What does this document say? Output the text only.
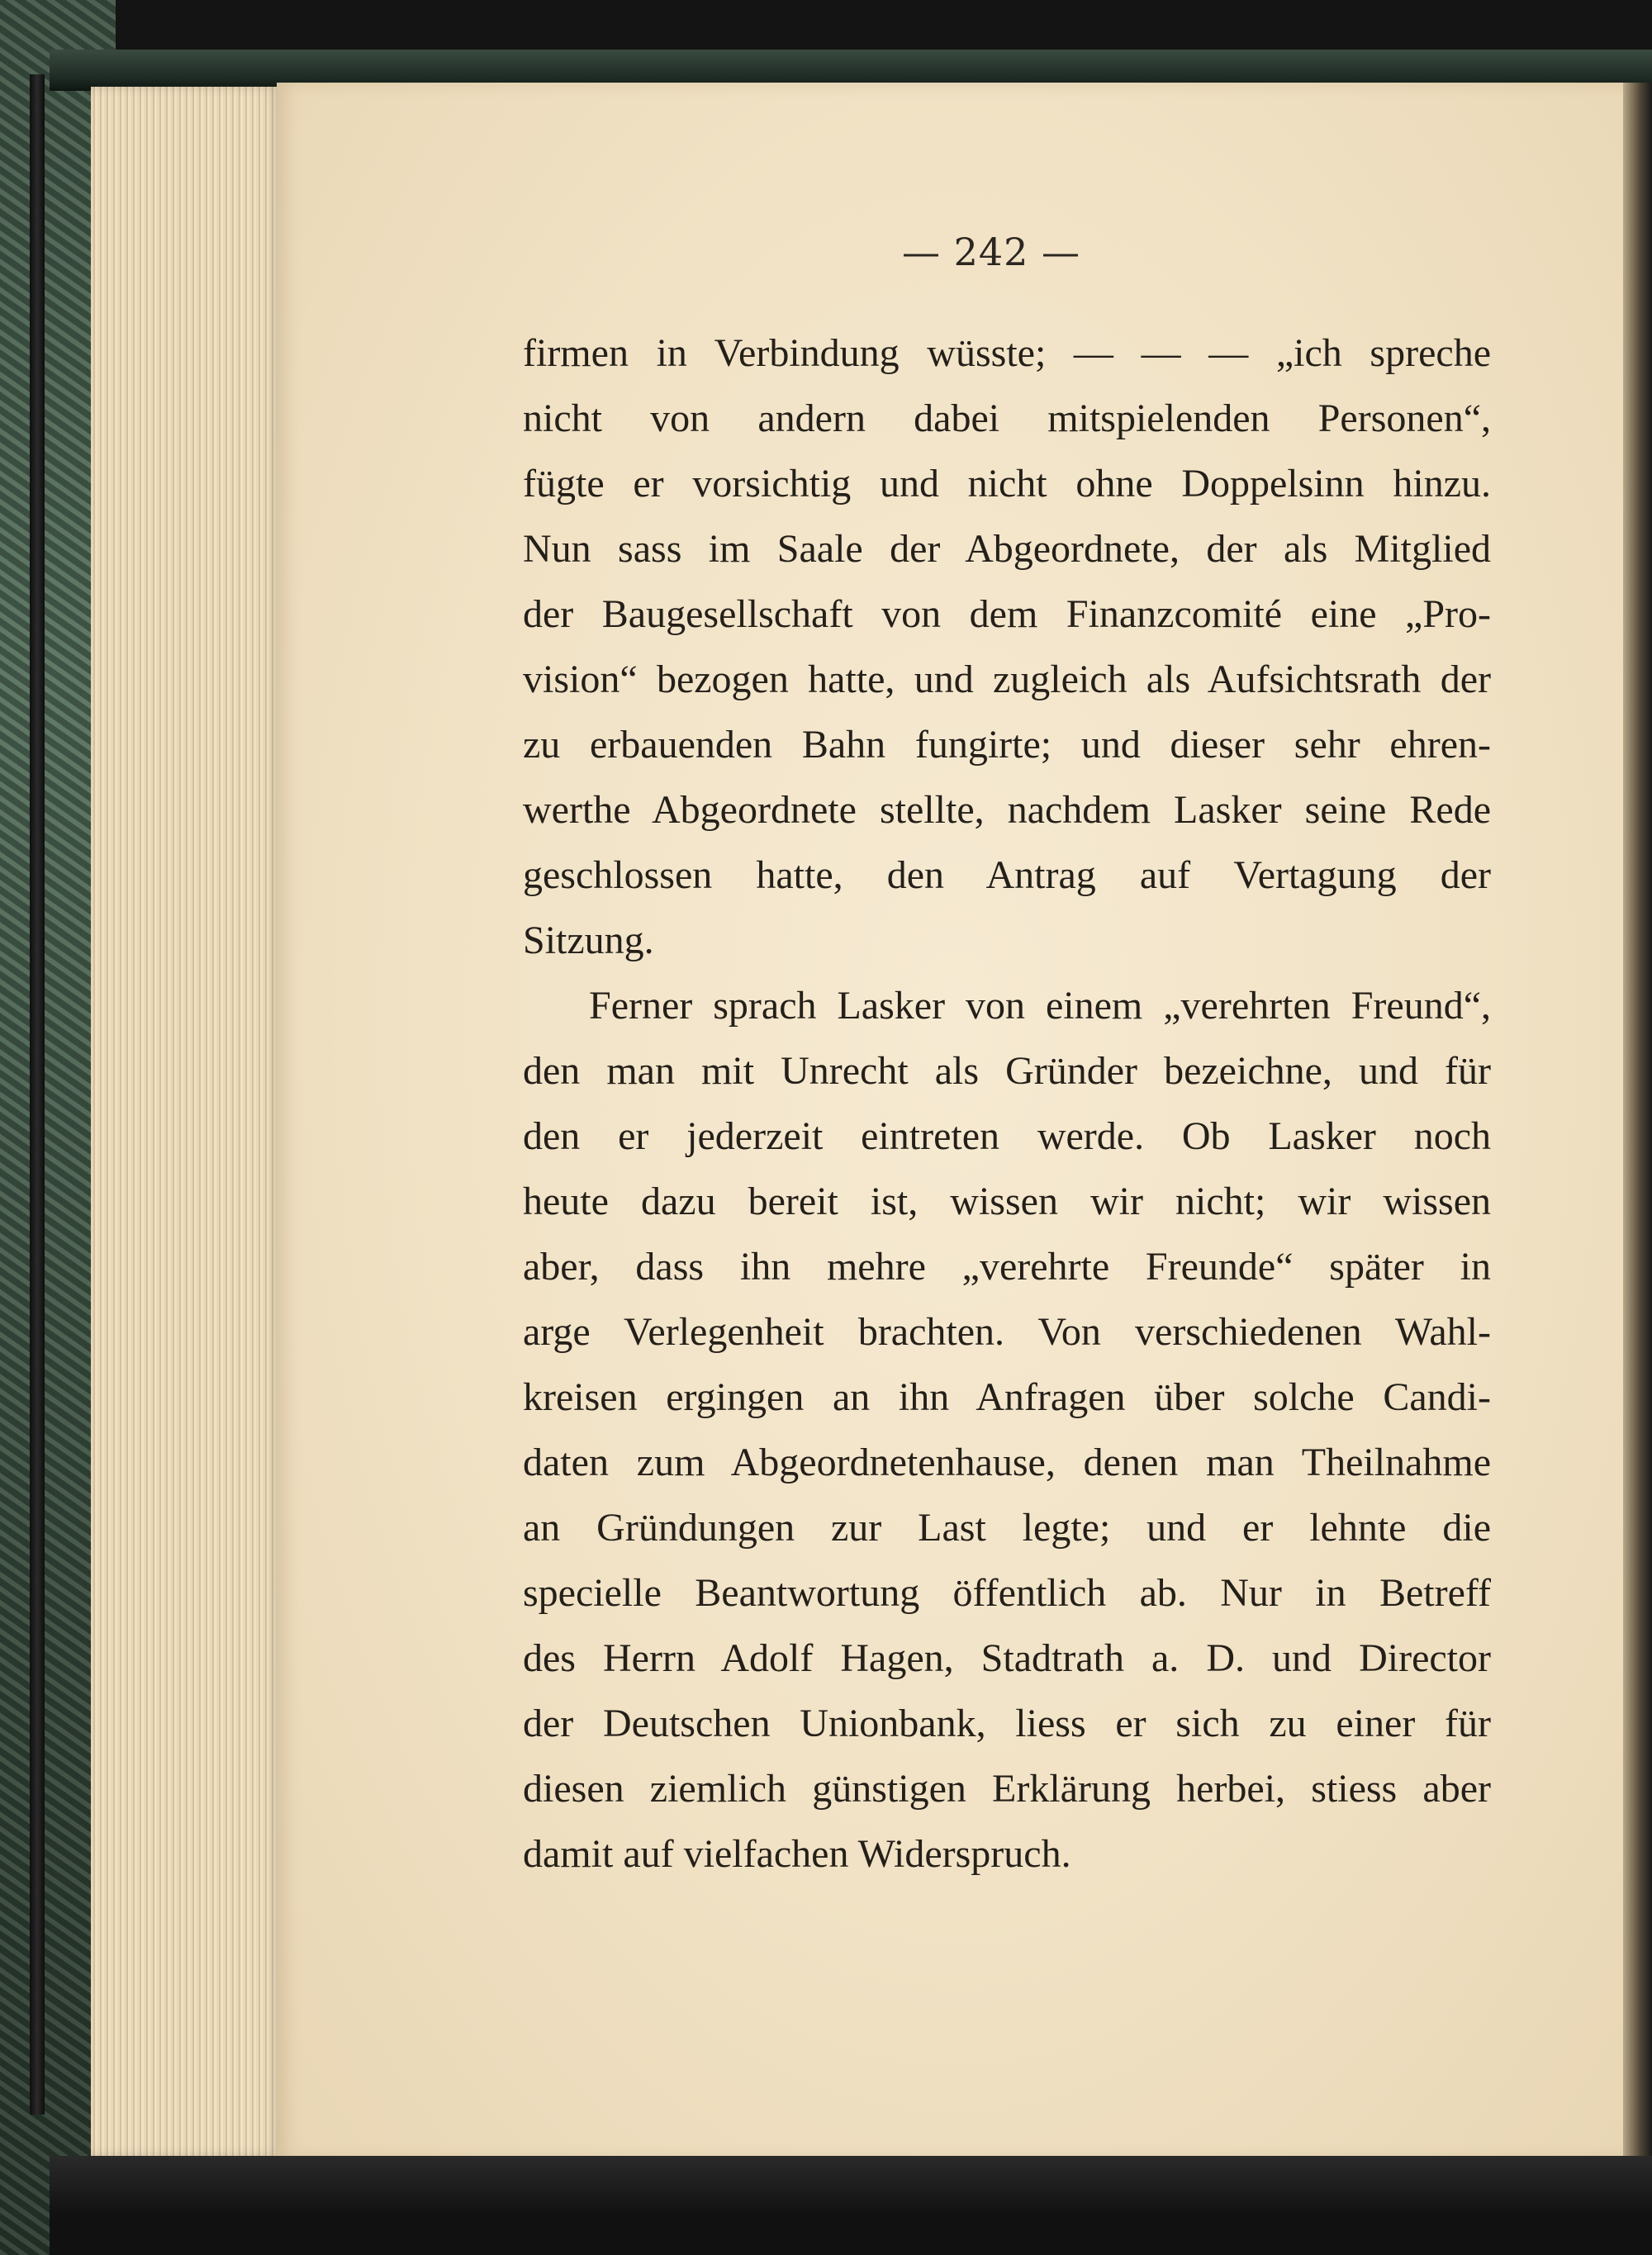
— 242 —
firmen in Verbindung wüsste; — — — „ich spreche
nicht von andern dabei mitspielenden Personen“,
fügte er vorsichtig und nicht ohne Doppelsinn hinzu.
Nun sass im Saale der Abgeordnete, der als Mitglied
der Baugesellschaft von dem Finanzcomité eine „Pro-
vision“ bezogen hatte, und zugleich als Aufsichtsrath der
zu erbauenden Bahn fungirte; und dieser sehr ehren-
werthe Abgeordnete stellte, nachdem Lasker seine Rede
geschlossen hatte, den Antrag auf Vertagung der
Sitzung.
Ferner sprach Lasker von einem „verehrten Freund“,
den man mit Unrecht als Gründer bezeichne, und für
den er jederzeit eintreten werde. Ob Lasker noch
heute dazu bereit ist, wissen wir nicht; wir wissen
aber, dass ihn mehre „verehrte Freunde“ später in
arge Verlegenheit brachten. Von verschiedenen Wahl-
kreisen ergingen an ihn Anfragen über solche Candi-
daten zum Abgeordnetenhause, denen man Theilnahme
an Gründungen zur Last legte; und er lehnte die
specielle Beantwortung öffentlich ab. Nur in Betreff
des Herrn Adolf Hagen, Stadtrath a. D. und Director
der Deutschen Unionbank, liess er sich zu einer für
diesen ziemlich günstigen Erklärung herbei, stiess aber
damit auf vielfachen Widerspruch.
